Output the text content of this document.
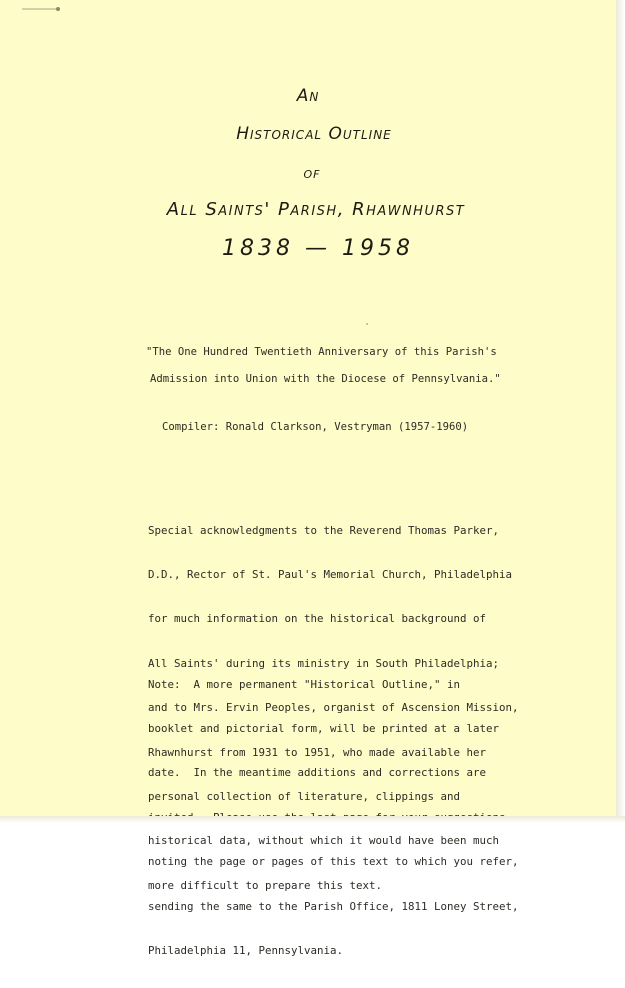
An

Historical Outline

of

All Saints' Parish, Rhawnhurst

1838 — 1958

"The One Hundred Twentieth Anniversary of this Parish's

Admission into Union with the Diocese of Pennsylvania."

Compiler: Ronald Clarkson, Vestryman (1957-1960)

Special acknowledgments to the Reverend Thomas Parker,

D.D., Rector of St. Paul's Memorial Church, Philadelphia

for much information on the historical background of

All Saints' during its ministry in South Philadelphia;

and to Mrs. Ervin Peoples, organist of Ascension Mission,

Rhawnhurst from 1931 to 1951, who made available her

personal collection of literature, clippings and

historical data, without which it would have been much

more difficult to prepare this text.

Note:  A more permanent "Historical Outline," in

booklet and pictorial form, will be printed at a later

date.  In the meantime additions and corrections are

noting the page or pages of this text to which you refer,

sending the same to the Parish Office, 1811 Loney Street,

Philadelphia 11, Pennsylvania.
